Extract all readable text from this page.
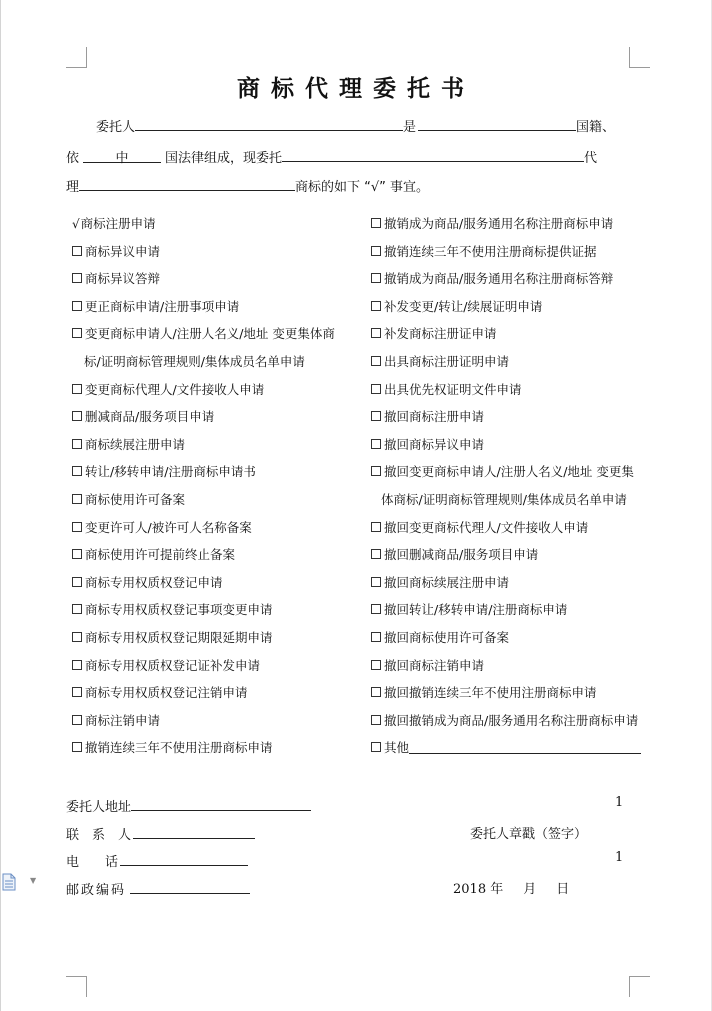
商标代理委托书
委托人	是	国籍、
依	中	国法律组成，现委托	代
理	商标的如下 “√” 事宜。
√商标注册申请
商标异议申请
商标异议答辩
更正商标申请/注册事项申请
变更商标申请人/注册人名义/地址 变更集体商
标/证明商标管理规则/集体成员名单申请
变更商标代理人/文件接收人申请
删减商品/服务项目申请
商标续展注册申请
转让/移转申请/注册商标申请书
商标使用许可备案
变更许可人/被许可人名称备案
商标使用许可提前终止备案
商标专用权质权登记申请
商标专用权质权登记事项变更申请
商标专用权质权登记期限延期申请
商标专用权质权登记证补发申请
商标专用权质权登记注销申请
商标注销申请
撤销连续三年不使用注册商标申请
撤销成为商品/服务通用名称注册商标申请
撤销连续三年不使用注册商标提供证据
撤销成为商品/服务通用名称注册商标答辩
补发变更/转让/续展证明申请
补发商标注册证申请
出具商标注册证明申请
出具优先权证明文件申请
撤回商标注册申请
撤回商标异议申请
撤回变更商标申请人/注册人名义/地址 变更集
体商标/证明商标管理规则/集体成员名单申请
撤回变更商标代理人/文件接收人申请
撤回删减商品/服务项目申请
撤回商标续展注册申请
撤回转让/移转申请/注册商标申请
撤回商标使用许可备案
撤回商标注销申请
撤回撤销连续三年不使用注册商标申请
撤回撤销成为商品/服务通用名称注册商标申请
其他
委托人地址	1
联　系　人	委托人章戳（签字）
电　　话	1
邮政编码	2018 年 月 日
▼
